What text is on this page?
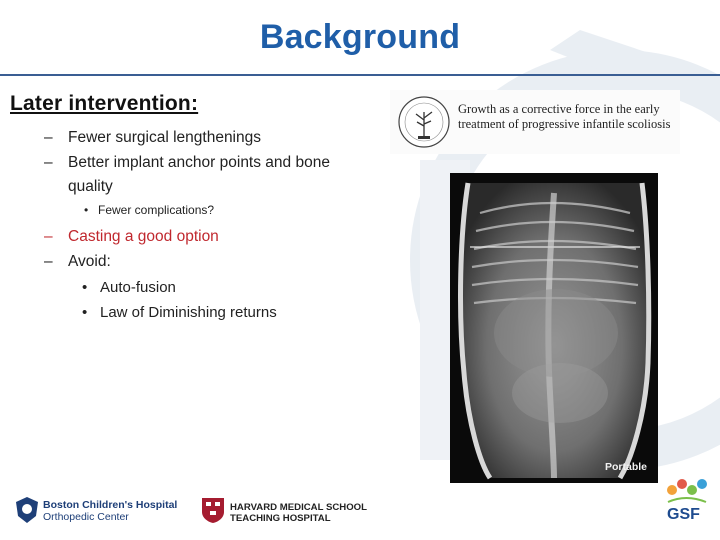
Background
Later intervention:
– Fewer surgical lengthenings
– Better implant anchor points and bone quality
• Fewer complications?
– Casting a good option
– Avoid:
• Auto-fusion
• Law of Diminishing returns
Growth as a corrective force in the early treatment of progressive infantile scoliosis
Portable
Boston Children's Hospital
Orthopedic Center
HARVARD MEDICAL SCHOOL
TEACHING HOSPITAL	GSF
